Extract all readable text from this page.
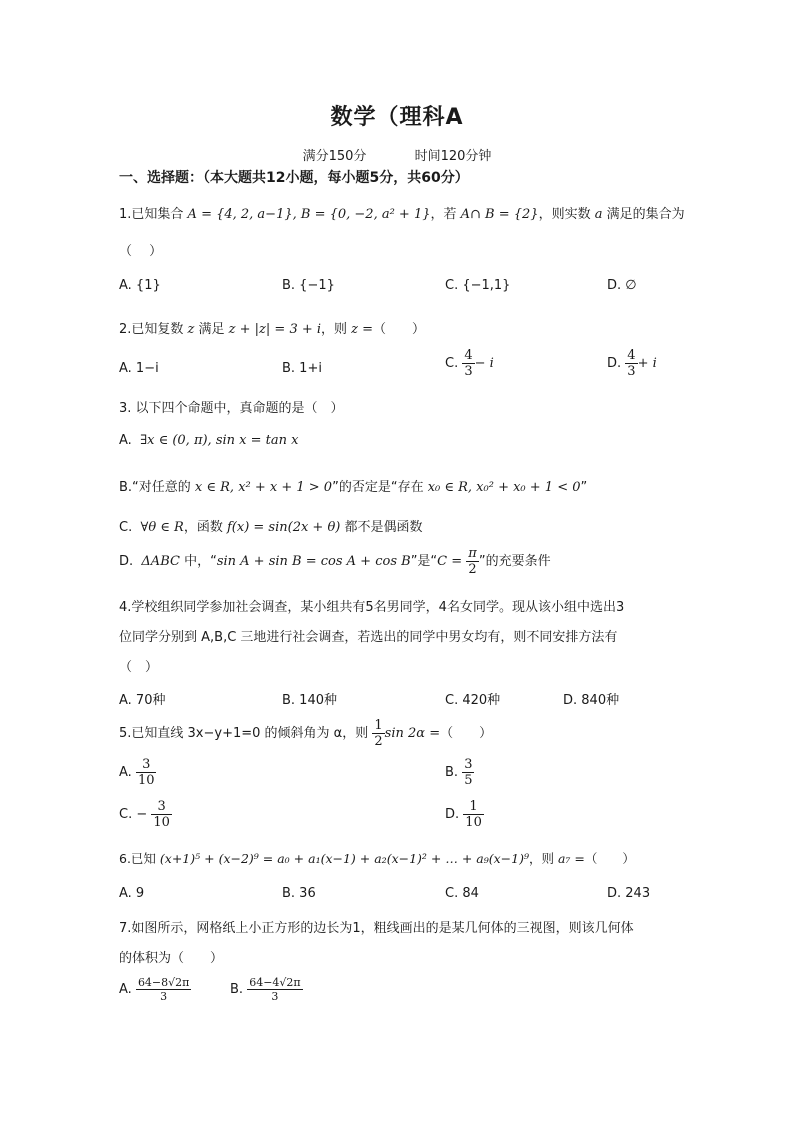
数学（理科A
满分150分	时间120分钟
一、选择题：（本大题共12小题，每小题5分，共60分）
1.已知集合 A = {4, 2, a−1}, B = {0, −2, a² + 1}，若 A∩ B = {2}，则实数 a 满足的集合为
（　 ）
A. {1}	B. {−1}	C. {−1,1}	D. ∅
2.已知复数 z 满足 z + |z| = 3 + i，则 z =（　　）
A. 1−i	B. 1+i	C. $\frac{4}{3} - i$	D. $\frac{4}{3} + i$
3. 以下四个命题中，真命题的是（　）
A. ∃x ∈ (0, π), sin x = tan x
B.“对任意的 x ∈ R, x² + x + 1 > 0”的否定是“存在 x₀ ∈ R, x₀² + x₀ + 1 < 0”
C. ∀θ ∈ R，函数 f(x) = sin(2x + θ) 都不是偶函数
D. ΔABC 中，“sin A + sin B = cos A + cos B”是“$C = \frac{\pi}{2}$ ”的充要条件
4.学校组织同学参加社会调查，某小组共有5名男同学，4名女同学。现从该小组中选出3
位同学分别到 A,B,C 三地进行社会调查，若选出的同学中男女均有，则不同安排方法有
（　）
A. 70种	B. 140种	C. 420种	D. 840种
5.已知直线 3x−y+1=0 的倾斜角为 α，则 $\frac{1}{2}$ sin 2α =（　　）
A. $\frac{3}{10}$	B. $\frac{3}{5}$
C. − $\frac{3}{10}$	D. $\frac{1}{10}$
6.已知 (x+1)⁵ + (x−2)⁹ = a₀ + a₁(x−1) + a₂(x−1)² + … + a₉(x−1)⁹，则 a₇ =（　　）
A. 9	B. 36	C. 84	D. 243
7.如图所示，网格纸上小正方形的边长为1，粗线画出的是某几何体的三视图，则该几何体
的体积为（　　）
A. $\frac{64-8√2\pi}{3}$	B. $\frac{64-4√2\pi}{3}$
